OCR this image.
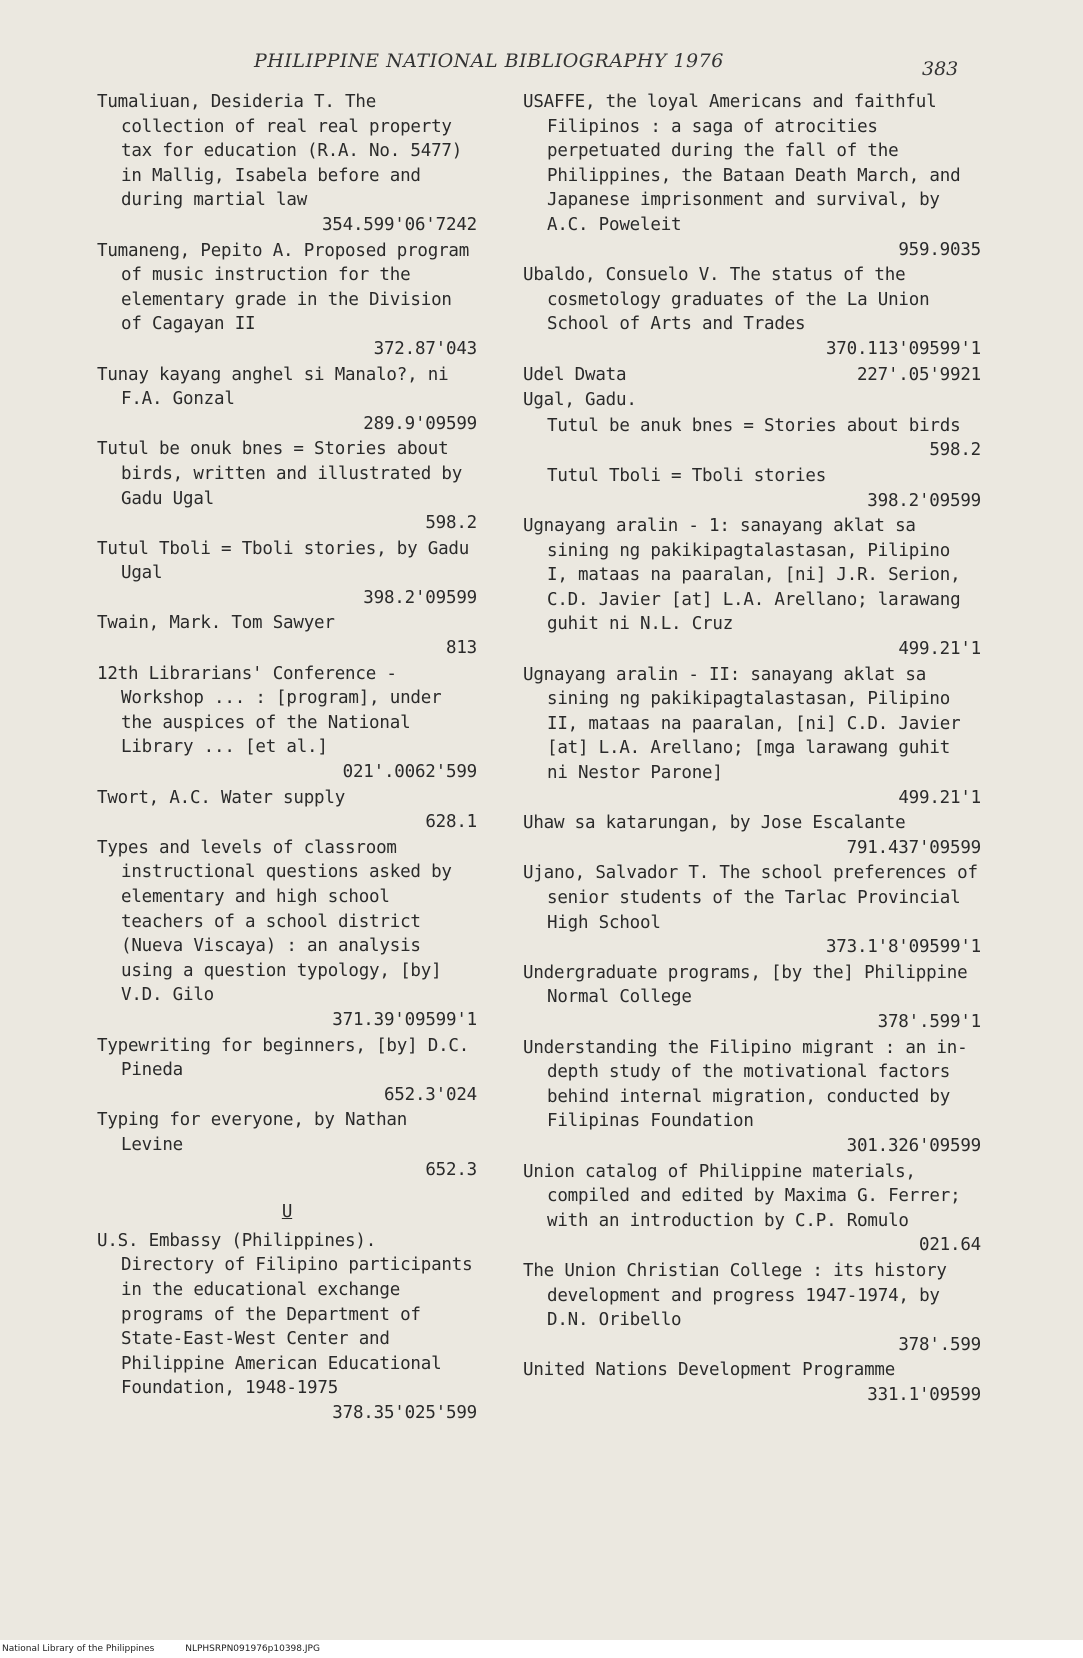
PHILIPPINE NATIONAL BIBLIOGRAPHY 1976	383
Tumaliuan, Desideria T. The collection of real real property tax for education (R.A. No. 5477) in Mallig, Isabela before and during martial law
354.599'06'7242
Tumaneng, Pepito A. Proposed program of music instruction for the elementary grade in the Division of Cagayan II
372.87'043
Tunay kayang anghel si Manalo?, ni F.A. Gonzal
289.9'09599
Tutul be onuk bnes = Stories about birds, written and illustrated by Gadu Ugal
598.2
Tutul Tboli = Tboli stories, by Gadu Ugal
398.2'09599
Twain, Mark. Tom Sawyer
813
12th Librarians' Conference - Workshop ... : [program], under the auspices of the National Library ... [et al.]
021'.0062'599
Twort, A.C. Water supply
628.1
Types and levels of classroom instructional questions asked by elementary and high school teachers of a school district (Nueva Viscaya) : an analysis using a question typology, [by] V.D. Gilo
371.39'09599'1
Typewriting for beginners, [by] D.C. Pineda
652.3'024
Typing for everyone, by Nathan Levine
652.3
U
U.S. Embassy (Philippines). Directory of Filipino participants in the educational exchange programs of the Department of State-East-West Center and Philippine American Educational Foundation, 1948-1975
378.35'025'599
USAFFE, the loyal Americans and faithful Filipinos : a saga of atrocities perpetuated during the fall of the Philippines, the Bataan Death March, and Japanese imprisonment and survival, by A.C. Poweleit
959.9035
Ubaldo, Consuelo V. The status of the cosmetology graduates of the La Union School of Arts and Trades
370.113'09599'1
Udel Dwata	227'.05'9921
Ugal, Gadu.
Tutul be anuk bnes = Stories about birds
598.2
Tutul Tboli = Tboli stories
398.2'09599
Ugnayang aralin - 1: sanayang aklat sa sining ng pakikipagtalastasan, Pilipino I, mataas na paaralan, [ni] J.R. Serion, C.D. Javier [at] L.A. Arellano; larawang guhit ni N.L. Cruz
499.21'1
Ugnayang aralin - II: sanayang aklat sa sining ng pakikipagtalastasan, Pilipino II, mataas na paaralan, [ni] C.D. Javier [at] L.A. Arellano; [mga larawang guhit ni Nestor Parone]
499.21'1
Uhaw sa katarungan, by Jose Escalante
791.437'09599
Ujano, Salvador T. The school preferences of senior students of the Tarlac Provincial High School
373.1'8'09599'1
Undergraduate programs, [by the] Philippine Normal College
378'.599'1
Understanding the Filipino migrant : an in-depth study of the motivational factors behind internal migration, conducted by Filipinas Foundation
301.326'09599
Union catalog of Philippine materials, compiled and edited by Maxima G. Ferrer; with an introduction by C.P. Romulo
021.64
The Union Christian College : its history development and progress 1947-1974, by D.N. Oribello
378'.599
United Nations Development Programme
331.1'09599
National Library of the Philippines	NLPHSRPN091976p10398.JPG
